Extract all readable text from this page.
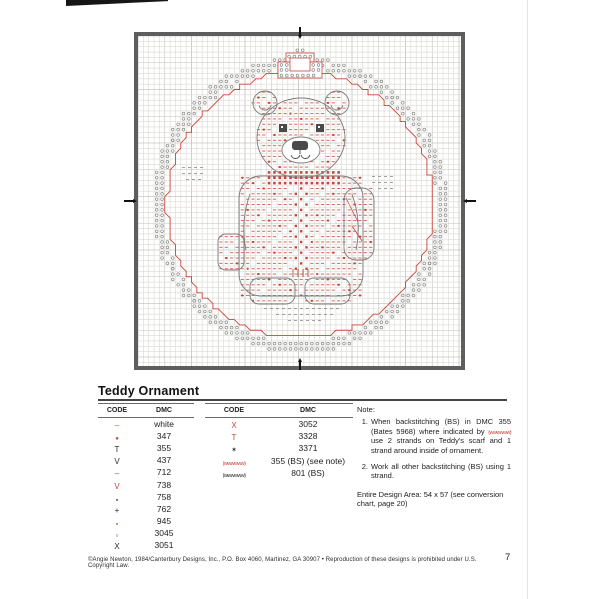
Teddy Ornament
CODE	DMC
–	white
●	347
T	355
V	437
–	712
V	738
●	758
+	762
●	945
○	3045
X	3051
CODE	DMC
X	3052
T	3328
✶	3371
(wwwwww)	355 (BS) (see note)
(wwwwww)	801 (BS)
Note:
1. When backstitching (BS) in DMC 355 (Bates 5968) where indicated by (wwwwww) use 2 strands on Teddy's scarf and 1 strand around inside of ornament.
2. Work all other backstitching (BS) using 1 strand.
Entire Design Area: 54 x 57 (see conversion chart, page 20)
©Angie Newton, 1984/Canterbury Designs, Inc., P.O. Box 4060, Martinez, GA 30907 • Reproduction of these designs is prohibited under U.S. Copyright Law.
7
